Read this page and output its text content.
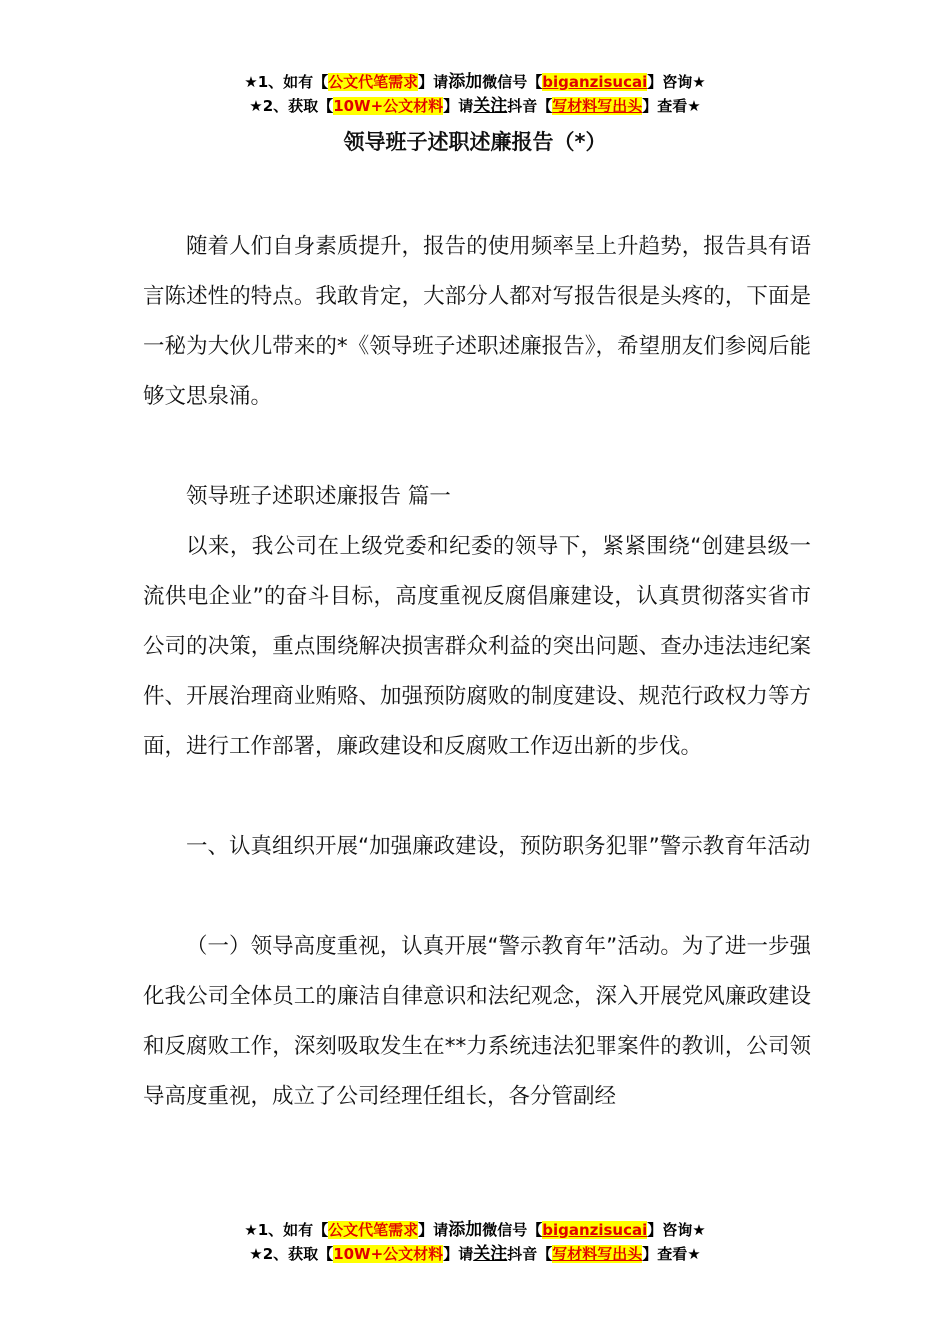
★1、如有【公文代笔需求】请添加微信号【biganzisucai】咨询★
★2、获取【10W+公文材料】请关注抖音【写材料写出头】查看★
领导班子述职述廉报告（*）

随着人们自身素质提升，报告的使用频率呈上升趋势，报告具有语言陈述性的特点。我敢肯定，大部分人都对写报告很是头疼的，下面是一秘为大伙儿带来的*《领导班子述职述廉报告》，希望朋友们参阅后能够文思泉涌。

领导班子述职述廉报告 篇一

以来，我公司在上级党委和纪委的领导下，紧紧围绕“创建县级一流供电企业”的奋斗目标，高度重视反腐倡廉建设，认真贯彻落实省市公司的决策，重点围绕解决损害群众利益的突出问题、查办违法违纪案件、开展治理商业贿赂、加强预防腐败的制度建设、规范行政权力等方面，进行工作部署，廉政建设和反腐败工作迈出新的步伐。

一、认真组织开展“加强廉政建设，预防职务犯罪”警示教育年活动

（一）领导高度重视，认真开展“警示教育年”活动。为了进一步强化我公司全体员工的廉洁自律意识和法纪观念，深入开展党风廉政建设和反腐败工作，深刻吸取发生在**力系统违法犯罪案件的教训，公司领导高度重视，成立了公司经理任组长，各分管副经

★1、如有【公文代笔需求】请添加微信号【biganzisucai】咨询★
★2、获取【10W+公文材料】请关注抖音【写材料写出头】查看★
